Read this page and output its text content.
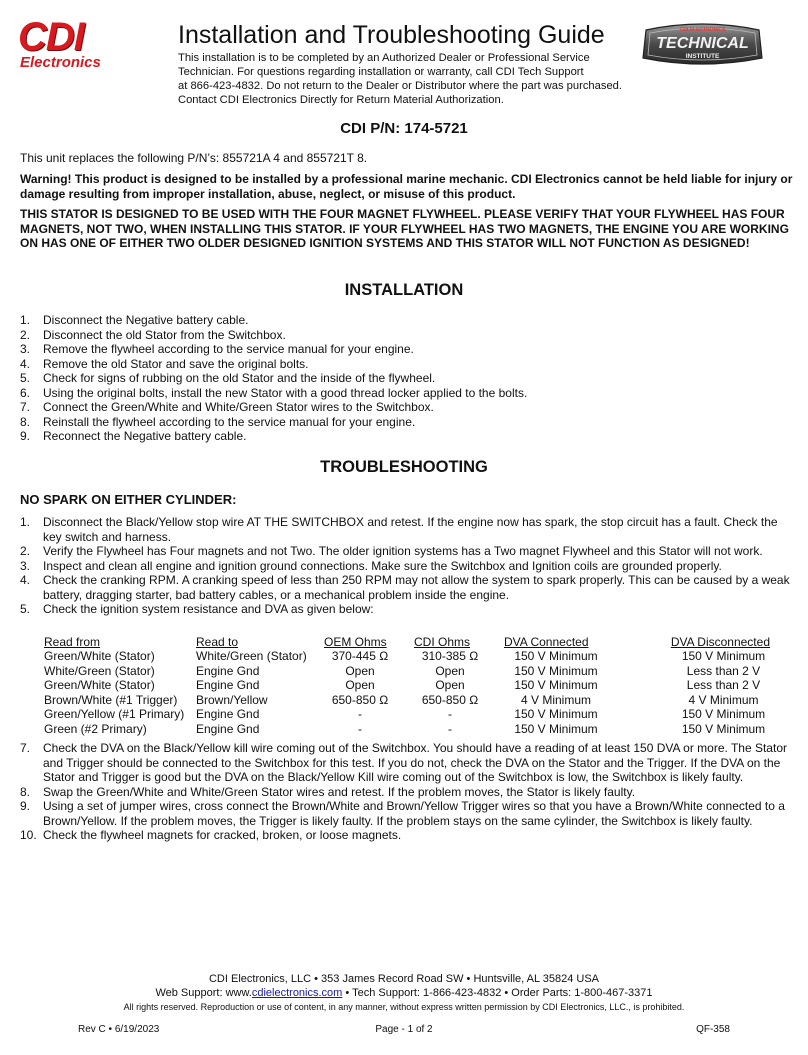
CDI
Electronics
Installation and Troubleshooting Guide
This installation is to be completed by an Authorized Dealer or Professional Service
Technician. For questions regarding installation or warranty, call CDI Tech Support
at 866-423-4832. Do not return to the Dealer or Distributor where the part was purchased.
Contact CDI Electronics Directly for Return Material Authorization.
CDI ELECTRONICS
TECHNICAL
INSTITUTE
CDI P/N: 174-5721
This unit replaces the following P/N’s: 855721A 4 and 855721T 8.
Warning! This product is designed to be installed by a professional marine mechanic. CDI Electronics cannot be held liable for injury or damage resulting from improper installation, abuse, neglect, or misuse of this product.
THIS STATOR IS DESIGNED TO BE USED WITH THE FOUR MAGNET FLYWHEEL. PLEASE VERIFY THAT YOUR FLYWHEEL HAS FOUR MAGNETS, NOT TWO, WHEN INSTALLING THIS STATOR. IF YOUR FLYWHEEL HAS TWO MAGNETS, THE ENGINE YOU ARE WORKING ON HAS ONE OF EITHER TWO OLDER DESIGNED IGNITION SYSTEMS AND THIS STATOR WILL NOT FUNCTION AS DESIGNED!
INSTALLATION
1. Disconnect the Negative battery cable.
2. Disconnect the old Stator from the Switchbox.
3. Remove the flywheel according to the service manual for your engine.
4. Remove the old Stator and save the original bolts.
5. Check for signs of rubbing on the old Stator and the inside of the flywheel.
6. Using the original bolts, install the new Stator with a good thread locker applied to the bolts.
7. Connect the Green/White and White/Green Stator wires to the Switchbox.
8. Reinstall the flywheel according to the service manual for your engine.
9. Reconnect the Negative battery cable.
TROUBLESHOOTING
NO SPARK ON EITHER CYLINDER:
1. Disconnect the Black/Yellow stop wire AT THE SWITCHBOX and retest. If the engine now has spark, the stop circuit has a fault. Check the key switch and harness.
2. Verify the Flywheel has Four magnets and not Two. The older ignition systems has a Two magnet Flywheel and this Stator will not work.
3. Inspect and clean all engine and ignition ground connections. Make sure the Switchbox and Ignition coils are grounded properly.
4. Check the cranking RPM. A cranking speed of less than 250 RPM may not allow the system to spark properly. This can be caused by a weak battery, dragging starter, bad battery cables, or a mechanical problem inside the engine.
5. Check the ignition system resistance and DVA as given below:
Read from	Read to	OEM Ohms	CDI Ohms	DVA Connected	DVA Disconnected
Green/White (Stator)	White/Green (Stator)	370-445 Ω	310-385 Ω	150 V Minimum	150 V Minimum
White/Green (Stator)	Engine Gnd	Open	Open	150 V Minimum	Less than 2 V
Green/White (Stator)	Engine Gnd	Open	Open	150 V Minimum	Less than 2 V
Brown/White (#1 Trigger)	Brown/Yellow	650-850 Ω	650-850 Ω	4 V Minimum	4 V Minimum
Green/Yellow (#1 Primary)	Engine Gnd	-	-	150 V Minimum	150 V Minimum
Green (#2 Primary)	Engine Gnd	-	-	150 V Minimum	150 V Minimum
7. Check the DVA on the Black/Yellow kill wire coming out of the Switchbox. You should have a reading of at least 150 DVA or more. The Stator and Trigger should be connected to the Switchbox for this test. If you do not, check the DVA on the Stator and the Trigger. If the DVA on the Stator and Trigger is good but the DVA on the Black/Yellow Kill wire coming out of the Switchbox is low, the Switchbox is likely faulty.
8. Swap the Green/White and White/Green Stator wires and retest. If the problem moves, the Stator is likely faulty.
9. Using a set of jumper wires, cross connect the Brown/White and Brown/Yellow Trigger wires so that you have a Brown/White connected to a Brown/Yellow. If the problem moves, the Trigger is likely faulty. If the problem stays on the same cylinder, the Switchbox is likely faulty.
10. Check the flywheel magnets for cracked, broken, or loose magnets.
CDI Electronics, LLC • 353 James Record Road SW • Huntsville, AL 35824 USA
Web Support: www.cdielectronics.com • Tech Support: 1-866-423-4832 • Order Parts: 1-800-467-3371
All rights reserved. Reproduction or use of content, in any manner, without express written permission by CDI Electronics, LLC., is prohibited.
Rev C • 6/19/2023	Page - 1 of 2	QF-358
